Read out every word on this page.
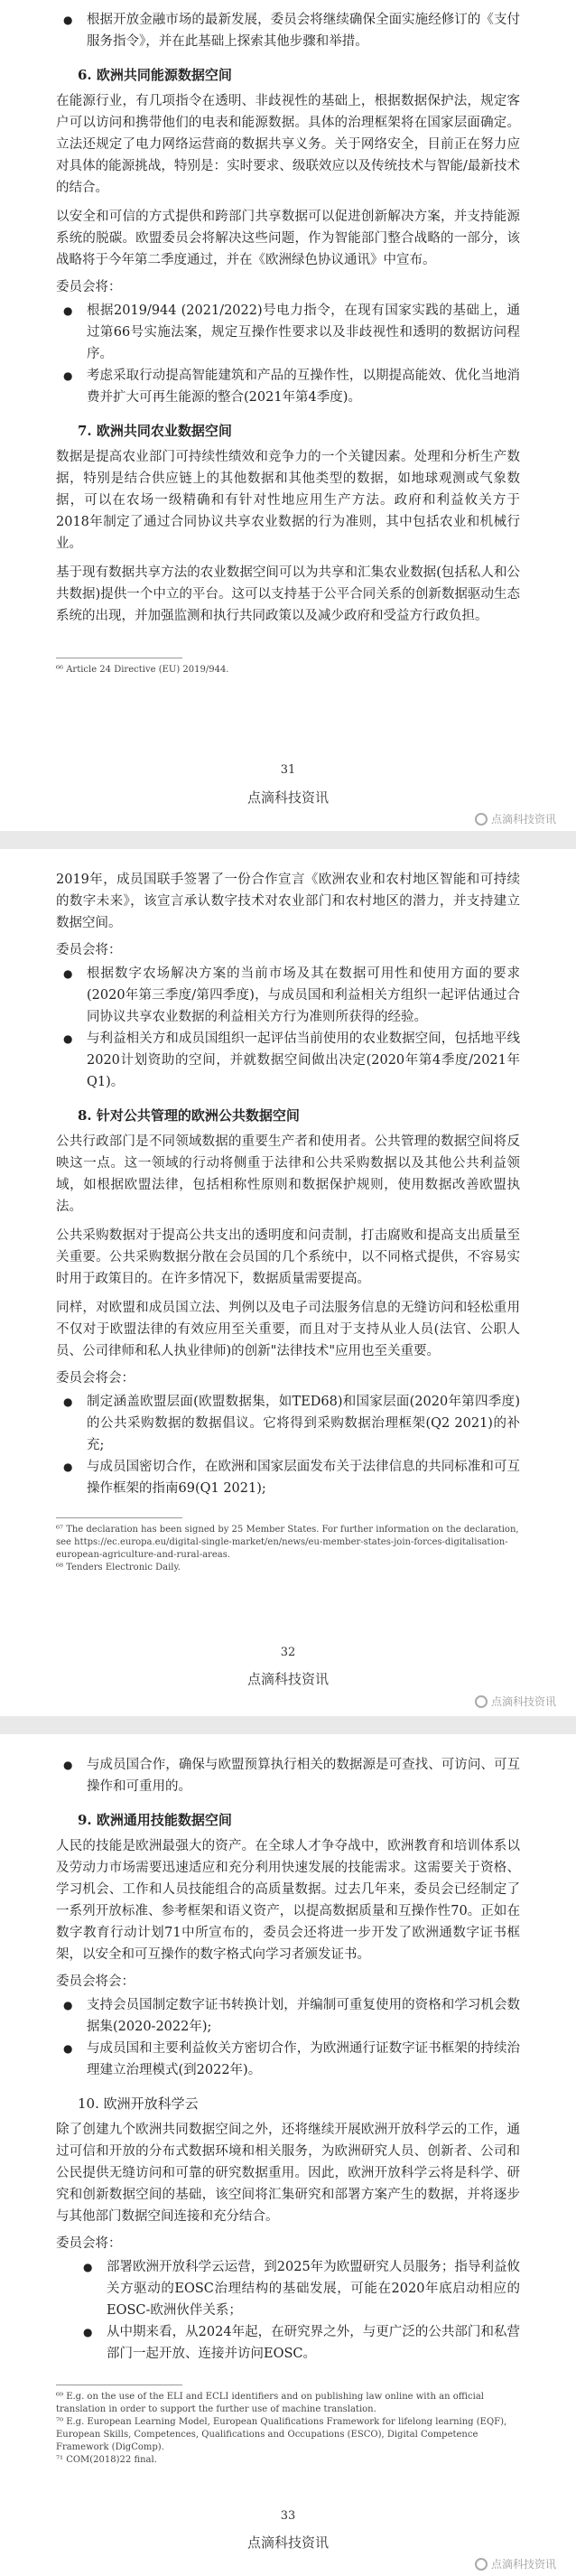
● 根据开放金融市场的最新发展，委员会将继续确保全面实施经修订的《支付服务指令》，并在此基础上探索其他步骤和举措。
6. 欧洲共同能源数据空间

在能源行业，有几项指令在透明、非歧视性的基础上，根据数据保护法，规定客户可以访问和携带他们的电表和能源数据。具体的治理框架将在国家层面确定。立法还规定了电力网络运营商的数据共享义务。关于网络安全，目前正在努力应对具体的能源挑战，特别是：实时要求、级联效应以及传统技术与智能/最新技术的结合。

以安全和可信的方式提供和跨部门共享数据可以促进创新解决方案，并支持能源系统的脱碳。欧盟委员会将解决这些问题，作为智能部门整合战略的一部分，该战略将于今年第二季度通过，并在《欧洲绿色协议通讯》中宣布。

委员会将：
● 根据2019/944 (2021/2022)号电力指令，在现有国家实践的基础上，通过第66号实施法案，规定互操作性要求以及非歧视性和透明的数据访问程序。
● 考虑采取行动提高智能建筑和产品的互操作性，以期提高能效、优化当地消费并扩大可再生能源的整合(2021年第4季度)。
7. 欧洲共同农业数据空间

数据是提高农业部门可持续性绩效和竞争力的一个关键因素。处理和分析生产数据，特别是结合供应链上的其他数据和其他类型的数据，如地球观测或气象数据，可以在农场一级精确和有针对性地应用生产方法。政府和利益攸关方于2018年制定了通过合同协议共享农业数据的行为准则，其中包括农业和机械行业。

基于现有数据共享方法的农业数据空间可以为共享和汇集农业数据(包括私人和公共数据)提供一个中立的平台。这可以支持基于公平合同关系的创新数据驱动生态系统的出现，并加强监测和执行共同政策以及减少政府和受益方行政负担。

⁶⁶ Article 24 Directive (EU) 2019/944.

31
点滴科技资讯
点滴科技资讯

2019年，成员国联手签署了一份合作宣言《欧洲农业和农村地区智能和可持续的数字未来》，该宣言承认数字技术对农业部门和农村地区的潜力，并支持建立数据空间。

委员会将：
● 根据数字农场解决方案的当前市场及其在数据可用性和使用方面的要求(2020年第三季度/第四季度)，与成员国和利益相关方组织一起评估通过合同协议共享农业数据的利益相关方行为准则所获得的经验。
● 与利益相关方和成员国组织一起评估当前使用的农业数据空间，包括地平线2020计划资助的空间，并就数据空间做出决定(2020年第4季度/2021年Q1)。
8. 针对公共管理的欧洲公共数据空间

公共行政部门是不同领域数据的重要生产者和使用者。公共管理的数据空间将反映这一点。这一领域的行动将侧重于法律和公共采购数据以及其他公共利益领域，如根据欧盟法律，包括相称性原则和数据保护规则，使用数据改善欧盟执法。

公共采购数据对于提高公共支出的透明度和问责制，打击腐败和提高支出质量至关重要。公共采购数据分散在会员国的几个系统中，以不同格式提供，不容易实时用于政策目的。在许多情况下，数据质量需要提高。

同样，对欧盟和成员国立法、判例以及电子司法服务信息的无缝访问和轻松重用不仅对于欧盟法律的有效应用至关重要，而且对于支持从业人员(法官、公职人员、公司律师和私人执业律师)的创新"法律技术"应用也至关重要。

委员会将会：
● 制定涵盖欧盟层面(欧盟数据集，如TED68)和国家层面(2020年第四季度)的公共采购数据的数据倡议。它将得到采购数据治理框架(Q2 2021)的补充;
● 与成员国密切合作，在欧洲和国家层面发布关于法律信息的共同标准和可互操作框架的指南69(Q1 2021);

⁶⁷ The declaration has been signed by 25 Member States. For further information on the declaration, see https://ec.europa.eu/digital-single-market/en/news/eu-member-states-join-forces-digitalisation-european-agriculture-and-rural-areas.

⁶⁸ Tenders Electronic Daily.

32
点滴科技资讯
点滴科技资讯
● 与成员国合作，确保与欧盟预算执行相关的数据源是可查找、可访问、可互操作和可重用的。
9. 欧洲通用技能数据空间

人民的技能是欧洲最强大的资产。在全球人才争夺战中，欧洲教育和培训体系以及劳动力市场需要迅速适应和充分利用快速发展的技能需求。这需要关于资格、学习机会、工作和人员技能组合的高质量数据。过去几年来，委员会已经制定了一系列开放标准、参考框架和语义资产，以提高数据质量和互操作性70。正如在数字教育行动计划71中所宣布的，委员会还将进一步开发了欧洲通数字证书框架，以安全和可互操作的数字格式向学习者颁发证书。

委员会将会：
● 支持会员国制定数字证书转换计划，并编制可重复使用的资格和学习机会数据集(2020-2022年);
● 与成员国和主要利益攸关方密切合作，为欧洲通行证数字证书框架的持续治理建立治理模式(到2022年)。
10. 欧洲开放科学云

除了创建九个欧洲共同数据空间之外，还将继续开展欧洲开放科学云的工作，通过可信和开放的分布式数据环境和相关服务，为欧洲研究人员、创新者、公司和公民提供无缝访问和可靠的研究数据重用。因此，欧洲开放科学云将是科学、研究和创新数据空间的基础，该空间将汇集研究和部署方案产生的数据，并将逐步与其他部门数据空间连接和充分结合。

委员会将：
● 部署欧洲开放科学云运营，到2025年为欧盟研究人员服务；指导利益攸关方驱动的EOSC治理结构的基础发展，可能在2020年底启动相应的EOSC-欧洲伙伴关系；
● 从中期来看，从2024年起，在研究界之外，与更广泛的公共部门和私营部门一起开放、连接并访问EOSC。

⁶⁹ E.g. on the use of the ELI and ECLI identifiers and on publishing law online with an official translation in order to support the further use of machine translation.

⁷⁰ E.g. European Learning Model, European Qualifications Framework for lifelong learning (EQF), European Skills, Competences, Qualifications and Occupations (ESCO), Digital Competence Framework (DigComp).

⁷¹ COM(2018)22 final.

33
点滴科技资讯
点滴科技资讯
